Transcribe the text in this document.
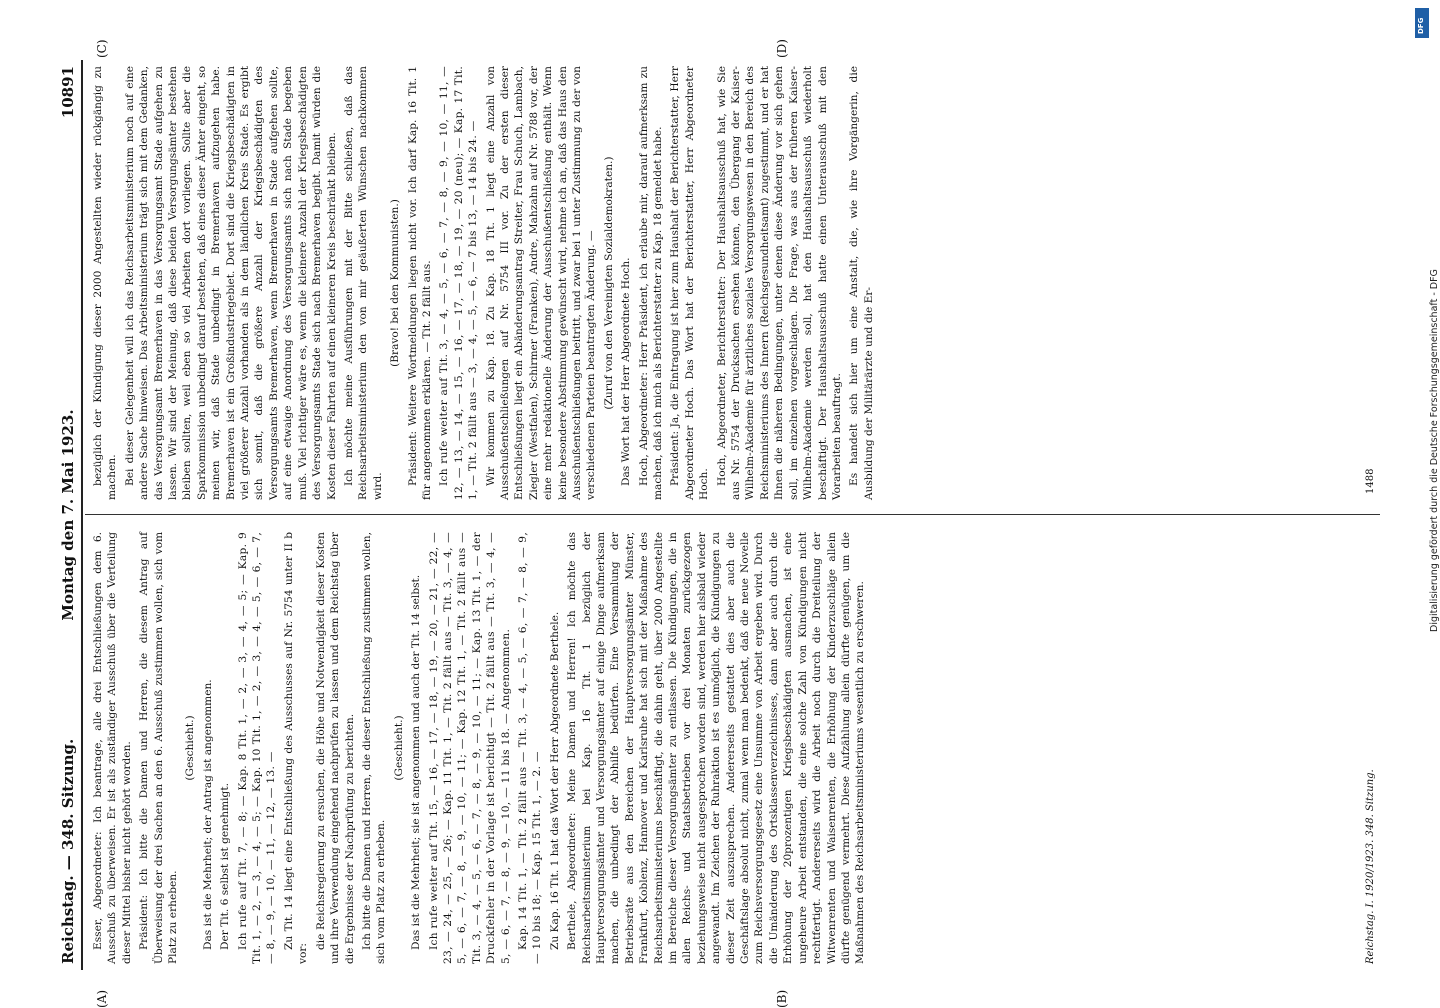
Reichstag. — 348. Sitzung.
Montag den 7. Mai 1923.
10891

Esser, Abgeordneter: Ich beantrage, alle drei Entschließungen dem 6. Ausschuß zu überweisen. Er ist als zuständiger Ausschuß über die Verteilung dieser Mittel bisher nicht gehört worden. Präsident: Ich bitte die Damen und Herren, die diesem Antrag auf Überweisung der drei Sachen an den 6. Ausschuß zustimmen wollen, sich vom Platz zu erheben.

(Geschieht.) Das ist die Mehrheit; der Antrag ist angenommen. Der Tit. 6 selbst ist genehmigt. Ich rufe auf Tit. 7, — 8; — Kap. 8 Tit. 1, — 2, — 3, — 4, — 5; — Kap. 9 Tit. 1, — 2, — 3, — 4, — 5; — Kap. 10 Tit. 1, — 2, — 3, — 4, — 5, — 6, — 7, — 8, — 9, — 10, — 11, — 12, — 13. — Zu Tit. 14 liegt eine Entschließung des Ausschusses auf Nr. 5754 unter II b vor:

die Reichsregierung zu ersuchen, die Höhe und Notwendigkeit dieser Kosten und ihre Verwendung eingehend nachprüfen zu lassen und dem Reichstag über die Ergebnisse der Nachprüfung zu berichten. Ich bitte die Damen und Herren, die dieser Entschließung zustimmen wollen, sich vom Platz zu erheben.

(Geschieht.) Das ist die Mehrheit; sie ist angenommen und auch der Tit. 14 selbst. Ich rufe weiter auf Tit. 15, — 16, — 17, — 18, — 19, — 20, — 21, — 22, — 23, — 24, — 25, — 26; — Kap. 11 Tit. 1, — Tit. 2 fällt aus — Tit. 3, — 4, — 5, — 6, — 7, — 8, — 9, — 10, — 11; — Kap. 12 Tit. 1, — Tit. 2 fällt aus — Tit. 3, — 4, — 5, — 6, — 7, — 8, — 9, — 10, — 11; — Kap. 13 Tit. 1, — der Druckfehler in der Vorlage ist berichtigt — Tit. 2 fällt aus — Tit. 3, — 4, — 5, — 6, — 7, — 8, — 9, — 10, — 11 bis 18. — Angenommen. Kap. 14 Tit. 1, — Tit. 2 fällt aus — Tit. 3, — 4, — 5, — 6, — 7, — 8, — 9, — 10 bis 18; — Kap. 15 Tit. 1, — 2. — Zu Kap. 16 Tit. 1 hat das Wort der Herr Abgeordnete Berthele. Berthele, Abgeordneter: Meine Damen und Herren! Ich möchte das Reichsarbeitsministerium bei Kap. 16 Tit. 1 bezüglich der Hauptversorgungsämter und Versorgungsämter auf einige Dinge aufmerksam machen, die unbedingt der Abhilfe bedürfen. Eine Versammlung der Betriebsräte aus den Bereichen der Hauptversorgungsämter Münster, Frankfurt, Koblenz, Hannover und Karlsruhe hat sich mit der Maßnahme des Reichsarbeitsministeriums beschäftigt, die dahin geht, über 2000 Angestellte im Bereiche dieser Versorgungsämter zu entlassen. Die Kündigungen, die in allen Reichs- und Staatsbetrieben vor drei Monaten zurückgezogen beziehungsweise nicht ausgesprochen worden sind, werden hier alsbald wieder angewandt. Im Zeichen der Ruhraktion ist es unmöglich, die Kündigungen zu dieser Zeit auszusprechen. Andererseits gestattet dies aber auch die Geschäftslage absolut nicht, zumal wenn man bedenkt, daß die neue Novelle zum Reichsversorgungsgesetz eine Unsumme von Arbeit ergeben wird. Durch die Umänderung des Ortsklassenverzeichnisses, dann aber auch durch die Erhöhung der 20prozentigen Kriegsbeschädigten ausmachen, ist eine ungeheure Arbeit entstanden, die eine solche Zahl von Kündigungen nicht rechtfertigt. Andererseits wird die Arbeit noch durch die Dreiteilung der Witwenrenten und Waisenrenten, die Erhöhung der Kinderzuschläge allein dürfte genügend vermehrt. Diese Aufzählung allein dürfte genügen, um die Maßnahmen des Reichsarbeitsministeriums wesentlich zu erschweren.

bezüglich der Kündigung dieser 2000 Angestellten wieder rückgängig zu machen. Bei dieser Gelegenheit will ich das Reichsarbeitsministerium noch auf eine andere Sache hinweisen. Das Arbeitsministerium trägt sich mit dem Gedanken, das Versorgungsamt Bremerhaven in das Versorgungsamt Stade aufgehen zu lassen. Wir sind der Meinung, daß diese beiden Versorgungsämter bestehen bleiben sollten, weil eben so viel Arbeiten dort vorliegen. Sollte aber die Sparkommission unbedingt darauf bestehen, daß eines dieser Ämter eingeht, so meinen wir, daß Stade unbedingt in Bremerhaven aufzugehen habe. Bremerhaven ist ein Großindustriegebiet. Dort sind die Kriegsbeschädigten in viel größerer Anzahl vorhanden als in dem ländlichen Kreis Stade. Es ergibt sich somit, daß die größere Anzahl der Kriegsbeschädigten des Versorgungsamts Bremerhaven, wenn Bremerhaven in Stade aufgehen sollte, auf eine etwaige Anordnung des Versorgungsamts sich nach Stade begeben muß. Viel richtiger wäre es, wenn die kleinere Anzahl der Kriegsbeschädigten des Versorgungsamts Stade sich nach Bremerhaven begibt. Damit würden die Kosten dieser Fahrten auf einen kleineren Kreis beschränkt bleiben. Ich möchte meine Ausführungen mit der Bitte schließen, daß das Reichsarbeitsministerium den von mir geäußerten Wünschen nachkommen wird.

(Bravo! bei den Kommunisten.) Präsident: Weitere Wortmeldungen liegen nicht vor. Ich darf Kap. 16 Tit. 1 für angenommen erklären. — Tit. 2 fällt aus. Ich rufe weiter auf Tit. 3, — 4, — 5, — 6, — 7, — 8, — 9, — 10, — 11, — 12, — 13, — 14, — 15, — 16, — 17, — 18, — 19, — 20 (neu); — Kap. 17 Tit. 1, — Tit. 2 fällt aus — 3, — 4, — 5, — 6, — 7 bis 13, — 14 bis 24. — Wir kommen zu Kap. 18. Zu Kap. 18 Tit. 1 liegt eine Anzahl von Ausschußentschließungen auf Nr. 5754 III vor. Zu der ersten dieser Entschließungen liegt ein Abänderungsantrag Streiter, Frau Schuch, Lambach, Ziegler (Westfalen), Schirmer (Franken), Andre, Mahzahn auf Nr. 5788 vor, der eine mehr redaktionelle Änderung der Ausschußentschließung enthält. Wenn keine besondere Abstimmung gewünscht wird, nehme ich an, daß das Haus den Ausschußentschließungen beitritt, und zwar bei 1 unter Zustimmung zu der von verschiedenen Parteien beantragten Änderung. — (Zuruf von den Vereinigten Sozialdemokraten.) Das Wort hat der Herr Abgeordnete Hoch. Hoch, Abgeordneter: Herr Präsident, ich erlaube mir, darauf aufmerksam zu machen, daß ich mich als Berichterstatter zu Kap. 18 gemeldet habe. Präsident: Ja, die Eintragung ist hier zum Haushalt der Berichterstatter, Herr Abgeordneter Hoch. Das Wort hat der Berichterstatter, Herr Abgeordneter Hoch. Hoch, Abgeordneter, Berichterstatter: Der Haushaltsausschuß hat, wie Sie aus Nr. 5754 der Drucksachen ersehen können, den Übergang der Kaiser-Wilhelm-Akademie für ärztliches soziales Versorgungswesen in den Bereich des Reichsministeriums des Innern (Reichsgesundheitsamt) zugestimmt, und er hat Ihnen die näheren Bedingungen, unter denen diese Änderung vor sich gehen soll, im einzelnen vorgeschlagen. Die Frage, was aus der früheren Kaiser-Wilhelm-Akademie werden soll, hat den Haushaltsausschuß wiederholt beschäftigt. Der Haushaltsausschuß hatte einen Unterausschuß mit den Vorarbeiten beauftragt. Es handelt sich hier um eine Anstalt, die, wie ihre Vorgängerin, die Ausbildung der Militärärzte und die Er-

(A)	(B)
(C)	(D)
Reichstag. I. 1920/1923. 348. Sitzung.
1488
DFG
Digitalisierung gefördert durch die Deutsche Forschungsgemeinschaft - DFG
